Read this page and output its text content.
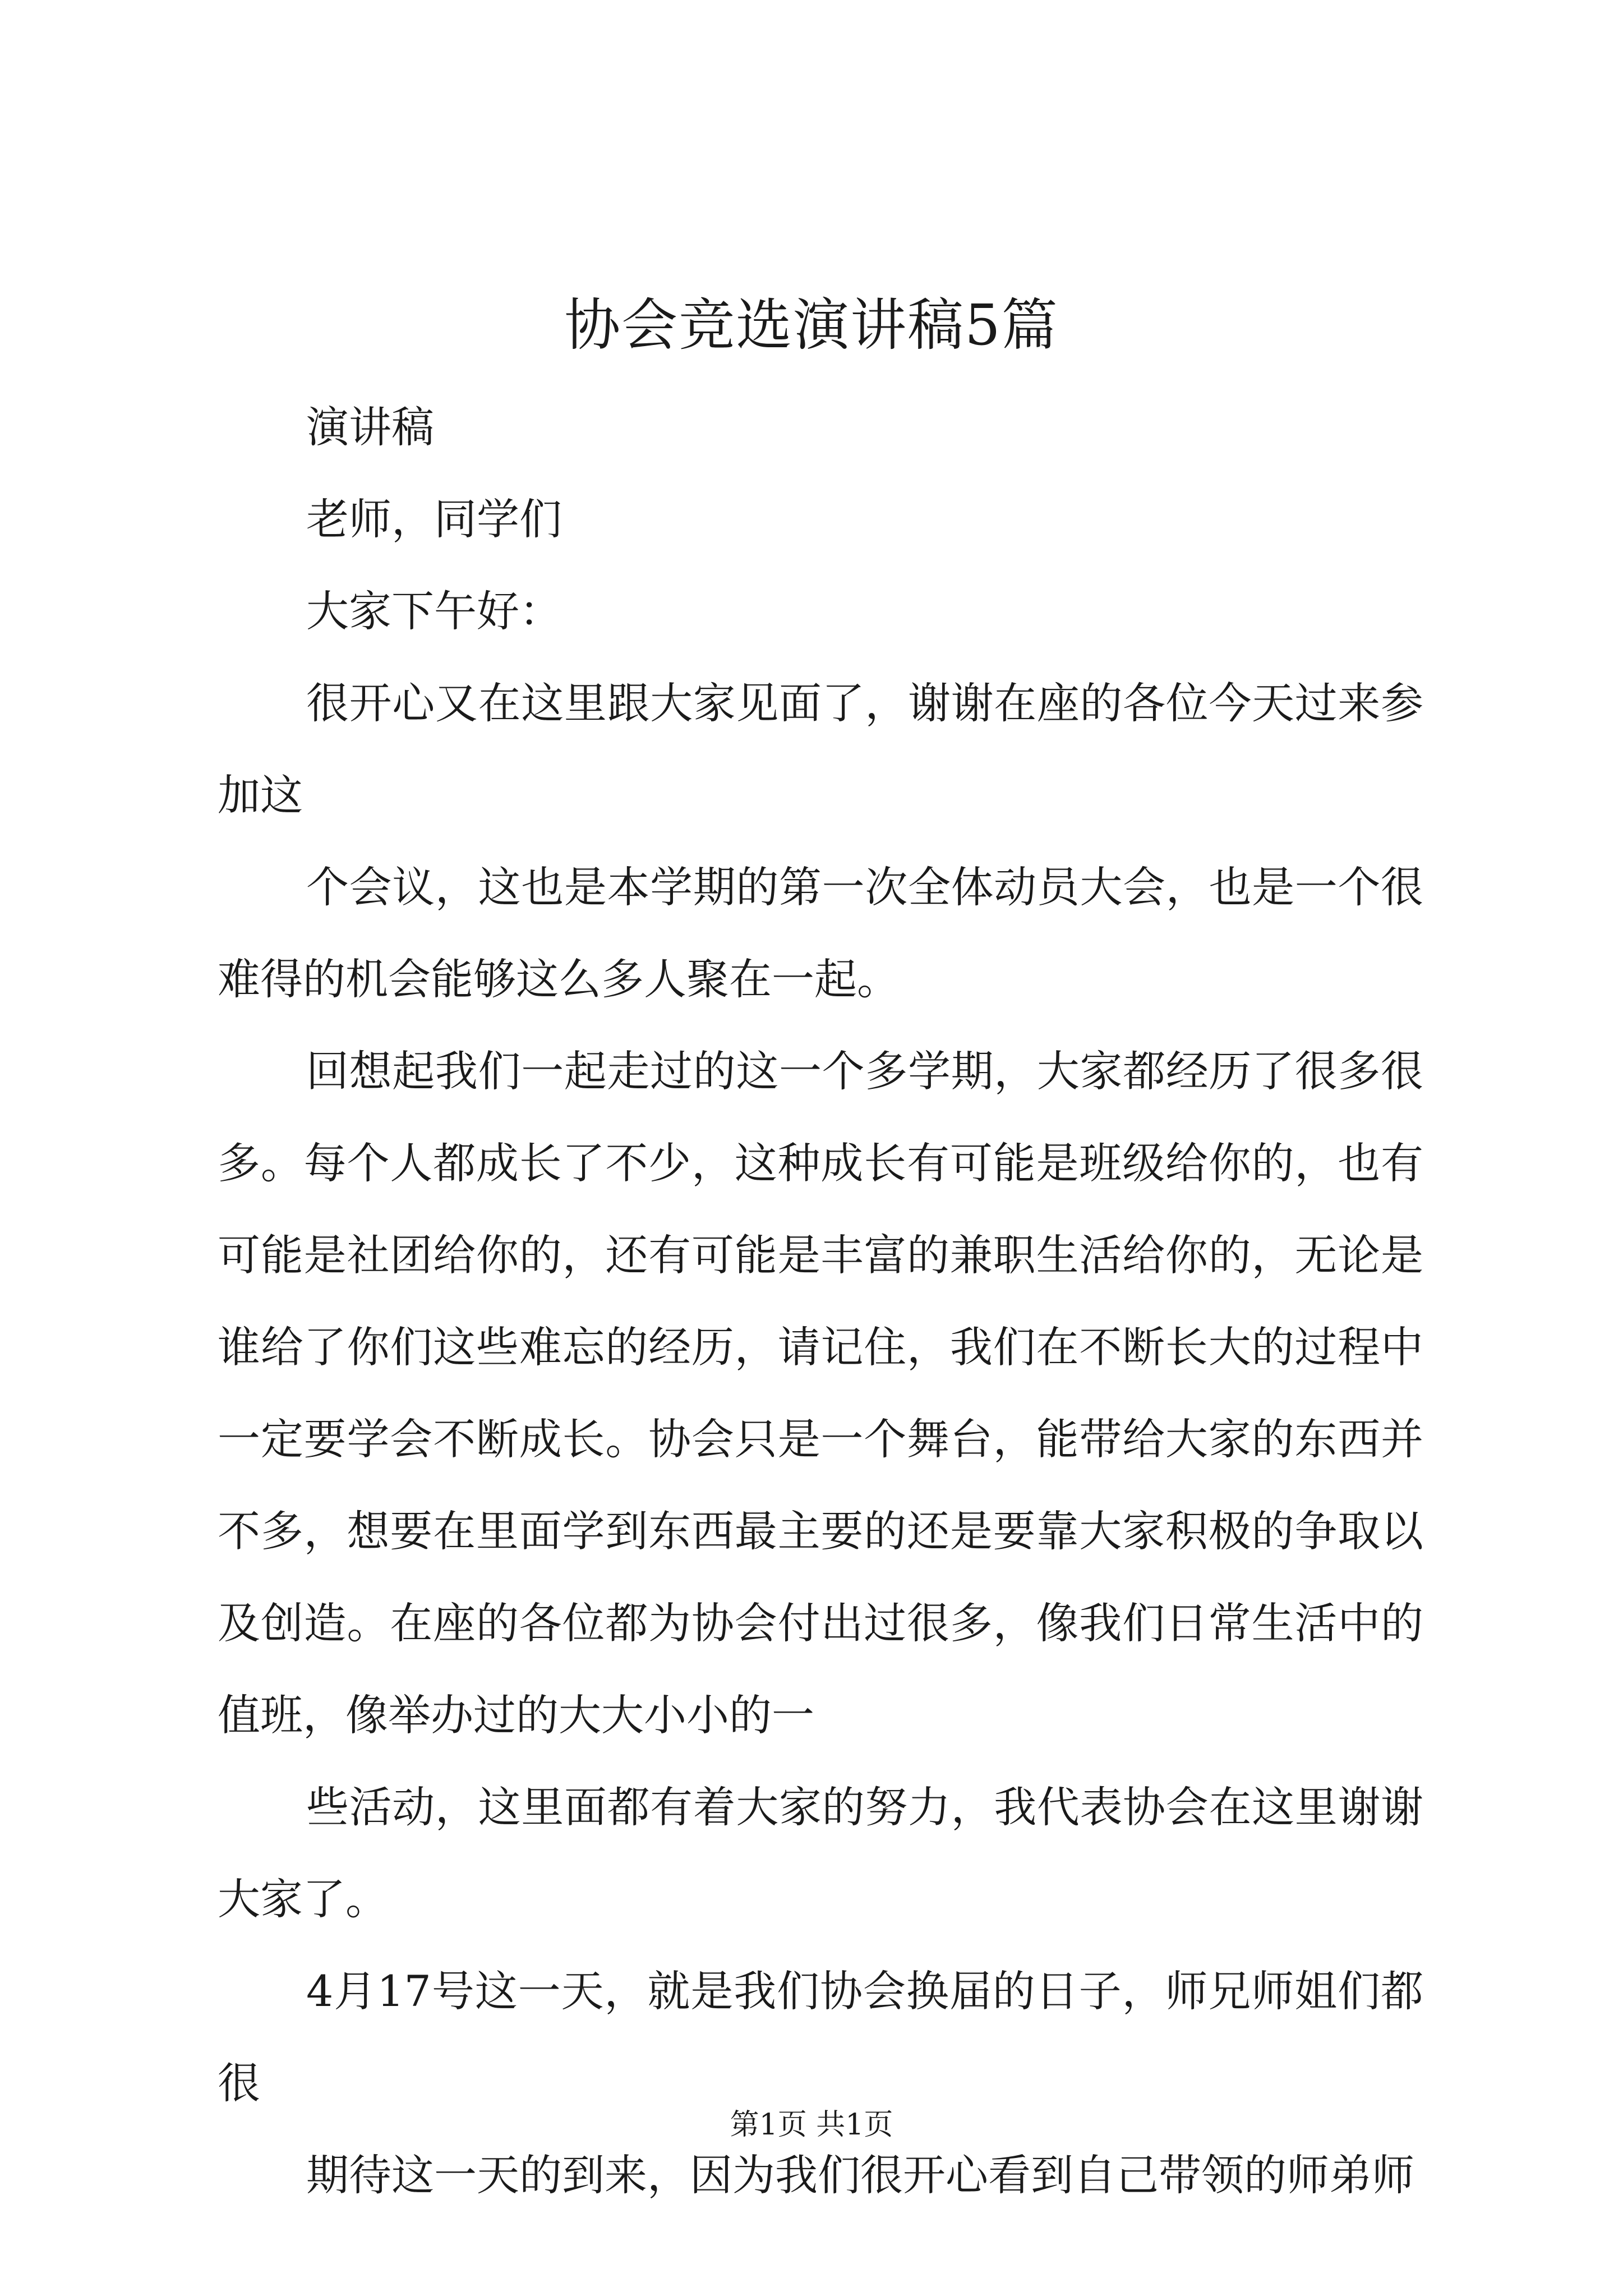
协会竞选演讲稿5篇

演讲稿

老师，同学们

大家下午好：

很开心又在这里跟大家见面了，谢谢在座的各位今天过来参加这

个会议，这也是本学期的第一次全体动员大会，也是一个很难得的机会能够这么多人聚在一起。

回想起我们一起走过的这一个多学期，大家都经历了很多很多。每个人都成长了不少，这种成长有可能是班级给你的，也有可能是社团给你的，还有可能是丰富的兼职生活给你的，无论是谁给了你们这些难忘的经历，请记住，我们在不断长大的过程中一定要学会不断成长。协会只是一个舞台，能带给大家的东西并不多，想要在里面学到东西最主要的还是要靠大家积极的争取以及创造。在座的各位都为协会付出过很多，像我们日常生活中的值班，像举办过的大大小小的一

些活动，这里面都有着大家的努力，我代表协会在这里谢谢大家了。

4月17号这一天，就是我们协会换届的日子，师兄师姐们都很

期待这一天的到来，因为我们很开心看到自己带领的师弟师

第1页 共1页
